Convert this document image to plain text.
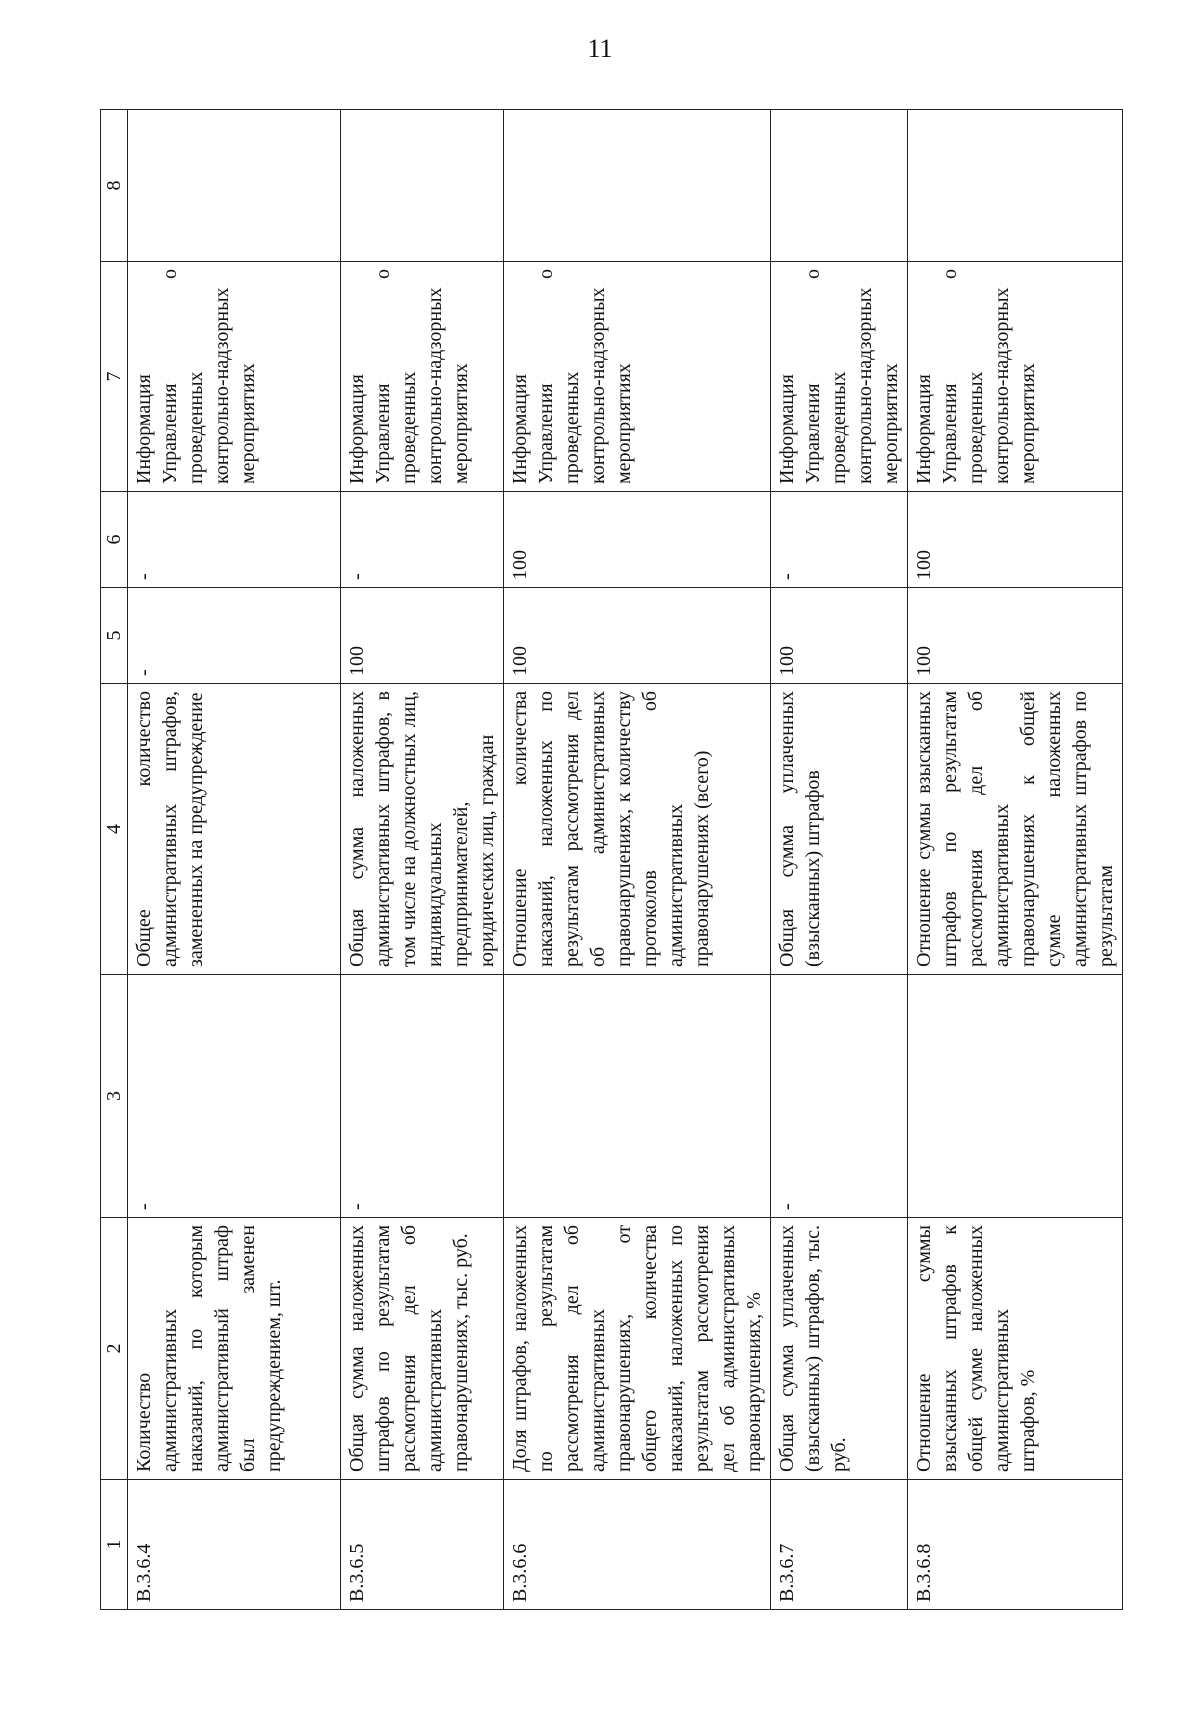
11
1	2	3	4	5	6	7	8
В.3.6.4	Количество административных наказаний, по которым административный штраф был заменен предупреждением, шт.	-	Общее количество административных штрафов, замененных на предупреждение	-	-	Информация Управления о проведенных контрольно-надзорных мероприятиях	
В.3.6.5	Общая сумма наложенных штрафов по результатам рассмотрения дел об административных правонарушениях, тыс. руб.	-	Общая сумма наложенных административных штрафов, в том числе на должностных лиц, индивидуальных предпринимателей, юридических лиц, граждан	100	-	Информация Управления о проведенных контрольно-надзорных мероприятиях	
В.3.6.6	Доля штрафов, наложенных по результатам рассмотрения дел об административных правонарушениях, от общего количества наказаний, наложенных по результатам рассмотрения дел об административных правонарушениях, %		Отношение количества наказаний, наложенных по результатам рассмотрения дел об административных правонарушениях, к количеству протоколов об административных правонарушениях (всего)	100	100	Информация Управления о проведенных контрольно-надзорных мероприятиях	
В.3.6.7	Общая сумма уплаченных (взысканных) штрафов, тыс. руб.	-	Общая сумма уплаченных (взысканных) штрафов	100	-	Информация Управления о проведенных контрольно-надзорных мероприятиях	
В.3.6.8	Отношение суммы взысканных штрафов к общей сумме наложенных административных штрафов, %		Отношение суммы взысканных штрафов по результатам рассмотрения дел об административных правонарушениях к общей сумме наложенных административных штрафов по результатам	100	100	Информация Управления о проведенных контрольно-надзорных мероприятиях	
